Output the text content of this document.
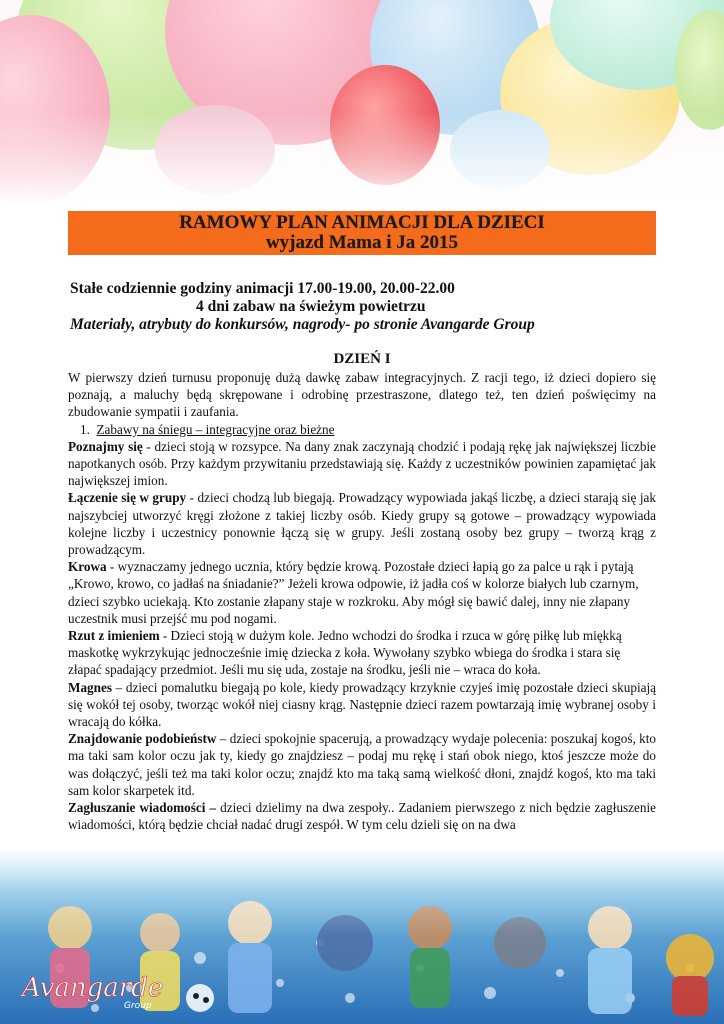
RAMOWY PLAN ANIMACJI DLA DZIECI
wyjazd Mama i Ja 2015
Stałe codziennie godziny animacji 17.00-19.00, 20.00-22.00
4 dni zabaw na świeżym powietrzu
Materiały, atrybuty do konkursów, nagrody- po stronie Avangarde Group
DZIEŃ I

W pierwszy dzień turnusu proponuję dużą dawkę zabaw integracyjnych. Z racji tego, iż dzieci dopiero się poznają, a maluchy będą skrępowane i odrobinę przestraszone, dlatego też, ten dzień poświęcimy na zbudowanie sympatii i zaufania.

1. Zabawy na śniegu – integracyjne oraz bieżne

Poznajmy się - dzieci stoją w rozsypce. Na dany znak zaczynają chodzić i podają rękę jak największej liczbie napotkanych osób. Przy każdym przywitaniu przedstawiają się. Każdy z uczestników powinien zapamiętać jak największej imion.

Łączenie się w grupy - dzieci chodzą lub biegają. Prowadzący wypowiada jakąś liczbę, a dzieci starają się jak najszybciej utworzyć kręgi złożone z takiej liczby osób. Kiedy grupy są gotowe – prowadzący wypowiada kolejne liczby i uczestnicy ponownie łączą się w grupy. Jeśli zostaną osoby bez grupy – tworzą krąg z prowadzącym.

Krowa - wyznaczamy jednego ucznia, który będzie krową. Pozostałe dzieci łapią go za palce u rąk i pytają „Krowo, krowo, co jadłaś na śniadanie?” Jeżeli krowa odpowie, iż jadła coś w kolorze białych lub czarnym, dzieci szybko uciekają. Kto zostanie złapany staje w rozkroku. Aby mógł się bawić dalej, inny nie złapany uczestnik musi przejść mu pod nogami.

Rzut z imieniem - Dzieci stoją w dużym kole. Jedno wchodzi do środka i rzuca w górę piłkę lub miękką maskotkę wykrzykując jednocześnie imię dziecka z koła. Wywołany szybko wbiega do środka i stara się złapać spadający przedmiot. Jeśli mu się uda, zostaje na środku, jeśli nie – wraca do koła.

Magnes – dzieci pomalutku biegają po kole, kiedy prowadzący krzyknie czyjeś imię pozostałe dzieci skupiają się wokół tej osoby, tworząc wokół niej ciasny krąg. Następnie dzieci razem powtarzają imię wybranej osoby i wracają do kółka.

Znajdowanie podobieństw – dzieci spokojnie spacerują, a prowadzący wydaje polecenia: poszukaj kogoś, kto ma taki sam kolor oczu jak ty, kiedy go znajdziesz – podaj mu rękę i stań obok niego, ktoś jeszcze może do was dołączyć, jeśli też ma taki kolor oczu; znajdź kto ma taką samą wielkość dłoni, znajdź kogoś, kto ma taki sam kolor skarpetek itd.

Zagłuszanie wiadomości – dzieci dzielimy na dwa zespoły.. Zadaniem pierwszego z nich będzie zagłuszenie wiadomości, którą będzie chciał nadać drugi zespół. W tym celu dzieli się on na dwa

Avangarde
Group
